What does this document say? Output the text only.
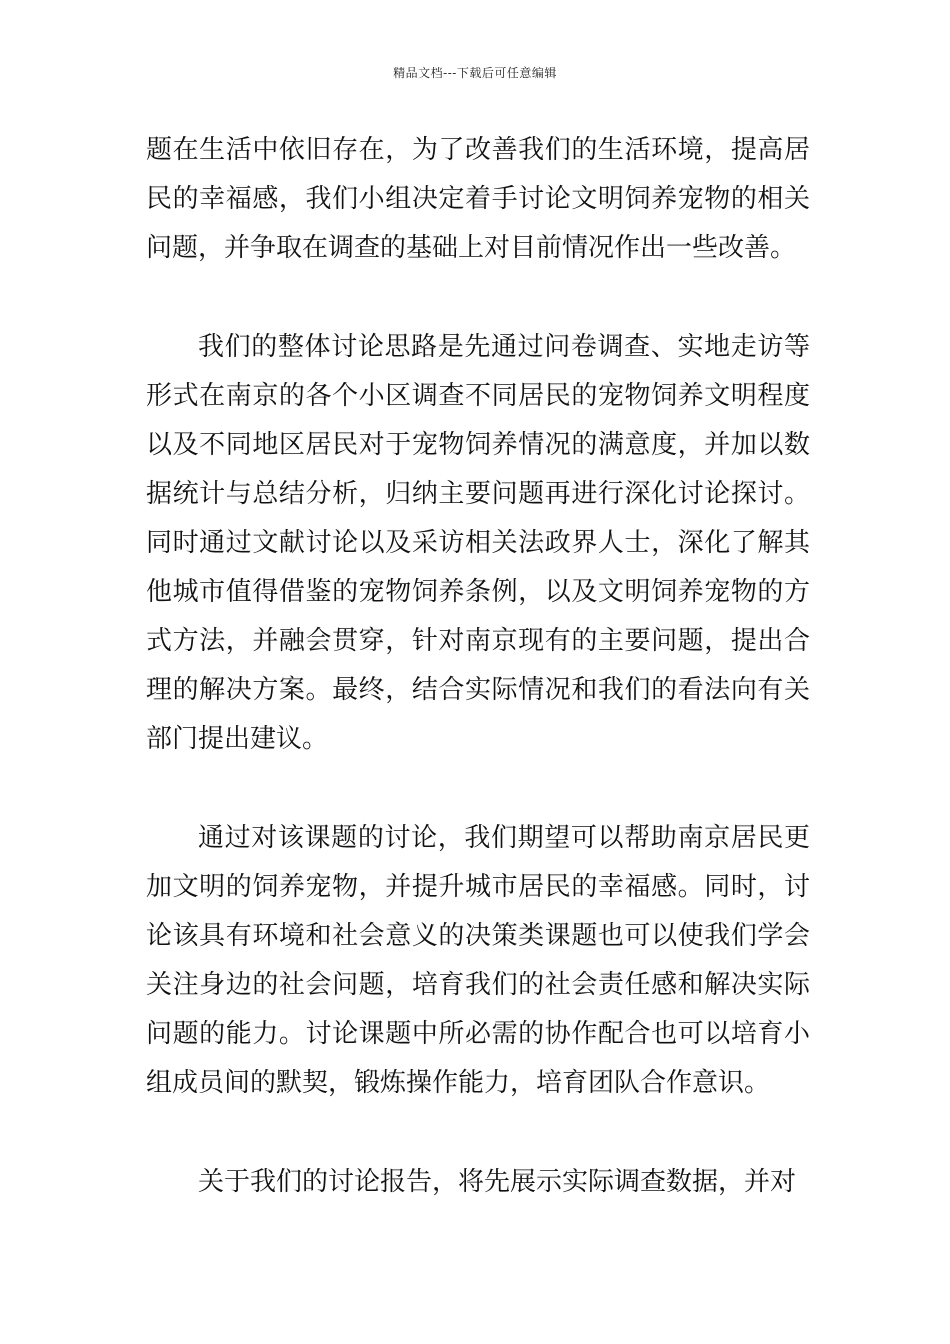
精品文档---下载后可任意编辑

题在生活中依旧存在，为了改善我们的生活环境，提高居民的幸福感，我们小组决定着手讨论文明饲养宠物的相关问题，并争取在调查的基础上对目前情况作出一些改善。

我们的整体讨论思路是先通过问卷调查、实地走访等形式在南京的各个小区调查不同居民的宠物饲养文明程度以及不同地区居民对于宠物饲养情况的满意度，并加以数据统计与总结分析，归纳主要问题再进行深化讨论探讨。同时通过文献讨论以及采访相关法政界人士，深化了解其他城市值得借鉴的宠物饲养条例，以及文明饲养宠物的方式方法，并融会贯穿，针对南京现有的主要问题，提出合理的解决方案。最终，结合实际情况和我们的看法向有关部门提出建议。

通过对该课题的讨论，我们期望可以帮助南京居民更加文明的饲养宠物，并提升城市居民的幸福感。同时，讨论该具有环境和社会意义的决策类课题也可以使我们学会关注身边的社会问题，培育我们的社会责任感和解决实际问题的能力。讨论课题中所必需的协作配合也可以培育小组成员间的默契，锻炼操作能力，培育团队合作意识。

关于我们的讨论报告，将先展示实际调查数据，并对
